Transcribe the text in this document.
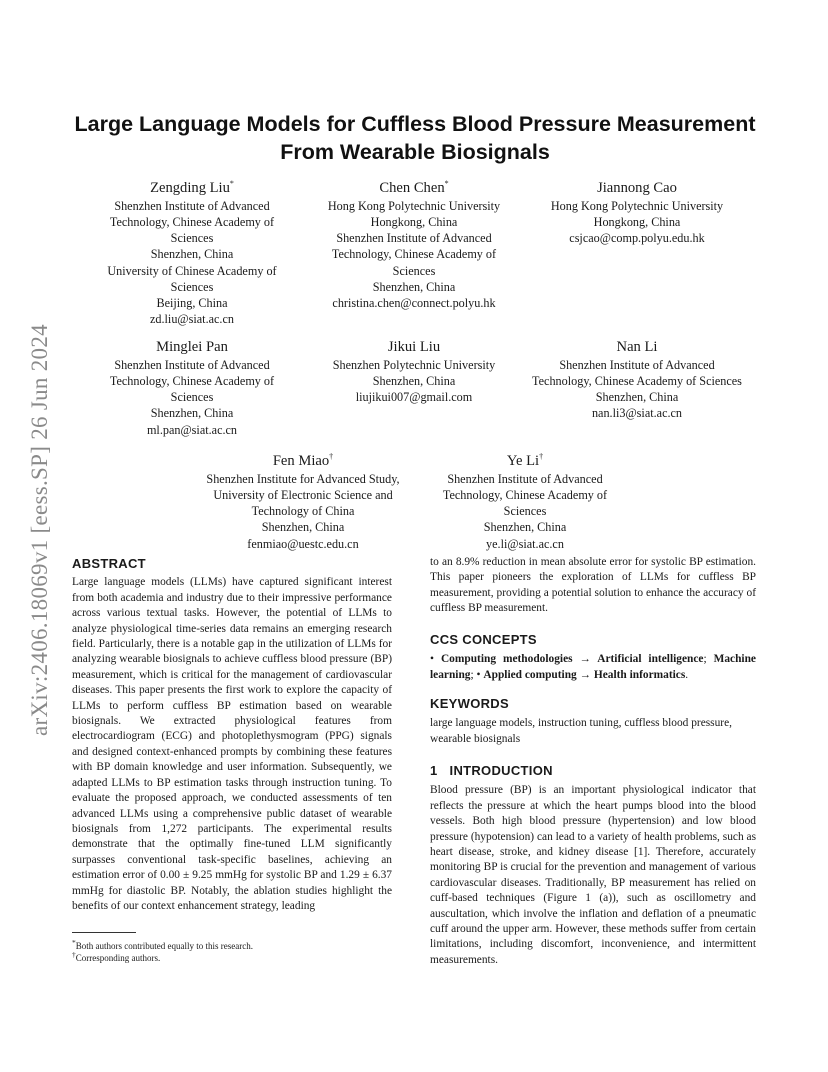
arXiv:2406.18069v1 [eess.SP] 26 Jun 2024
Large Language Models for Cuffless Blood Pressure Measurement From Wearable Biosignals
Zengding Liu*
Shenzhen Institute of Advanced Technology, Chinese Academy of Sciences
Shenzhen, China
University of Chinese Academy of Sciences
Beijing, China
zd.liu@siat.ac.cn
Chen Chen*
Hong Kong Polytechnic University
Hongkong, China
Shenzhen Institute of Advanced Technology, Chinese Academy of Sciences
Shenzhen, China
christina.chen@connect.polyu.hk
Jiannong Cao
Hong Kong Polytechnic University
Hongkong, China
csjcao@comp.polyu.edu.hk
Minglei Pan
Shenzhen Institute of Advanced Technology, Chinese Academy of Sciences
Shenzhen, China
ml.pan@siat.ac.cn
Jikui Liu
Shenzhen Polytechnic University
Shenzhen, China
liujikui007@gmail.com
Nan Li
Shenzhen Institute of Advanced Technology, Chinese Academy of Sciences
Shenzhen, China
nan.li3@siat.ac.cn
Fen Miao†
Shenzhen Institute for Advanced Study, University of Electronic Science and Technology of China
Shenzhen, China
fenmiao@uestc.edu.cn
Ye Li†
Shenzhen Institute of Advanced Technology, Chinese Academy of Sciences
Shenzhen, China
ye.li@siat.ac.cn
ABSTRACT
Large language models (LLMs) have captured significant interest from both academia and industry due to their impressive performance across various textual tasks. However, the potential of LLMs to analyze physiological time-series data remains an emerging research field. Particularly, there is a notable gap in the utilization of LLMs for analyzing wearable biosignals to achieve cuffless blood pressure (BP) measurement, which is critical for the management of cardiovascular diseases. This paper presents the first work to explore the capacity of LLMs to perform cuffless BP estimation based on wearable biosignals. We extracted physiological features from electrocardiogram (ECG) and photoplethysmogram (PPG) signals and designed context-enhanced prompts by combining these features with BP domain knowledge and user information. Subsequently, we adapted LLMs to BP estimation tasks through instruction tuning. To evaluate the proposed approach, we conducted assessments of ten advanced LLMs using a comprehensive public dataset of wearable biosignals from 1,272 participants. The experimental results demonstrate that the optimally fine-tuned LLM significantly surpasses conventional task-specific baselines, achieving an estimation error of 0.00 ± 9.25 mmHg for systolic BP and 1.29 ± 6.37 mmHg for diastolic BP. Notably, the ablation studies highlight the benefits of our context enhancement strategy, leading
to an 8.9% reduction in mean absolute error for systolic BP estimation. This paper pioneers the exploration of LLMs for cuffless BP measurement, providing a potential solution to enhance the accuracy of cuffless BP measurement.
CCS CONCEPTS
• Computing methodologies → Artificial intelligence; Machine learning; • Applied computing → Health informatics.
KEYWORDS
large language models, instruction tuning, cuffless blood pressure, wearable biosignals
1 INTRODUCTION
Blood pressure (BP) is an important physiological indicator that reflects the pressure at which the heart pumps blood into the blood vessels. Both high blood pressure (hypertension) and low blood pressure (hypotension) can lead to a variety of health problems, such as heart disease, stroke, and kidney disease [1]. Therefore, accurately monitoring BP is crucial for the prevention and management of various cardiovascular diseases. Traditionally, BP measurement has relied on cuff-based techniques (Figure 1 (a)), such as oscillometry and auscultation, which involve the inflation and deflation of a pneumatic cuff around the upper arm. However, these methods suffer from certain limitations, including discomfort, inconvenience, and intermittent measurements.
*Both authors contributed equally to this research.
†Corresponding authors.
